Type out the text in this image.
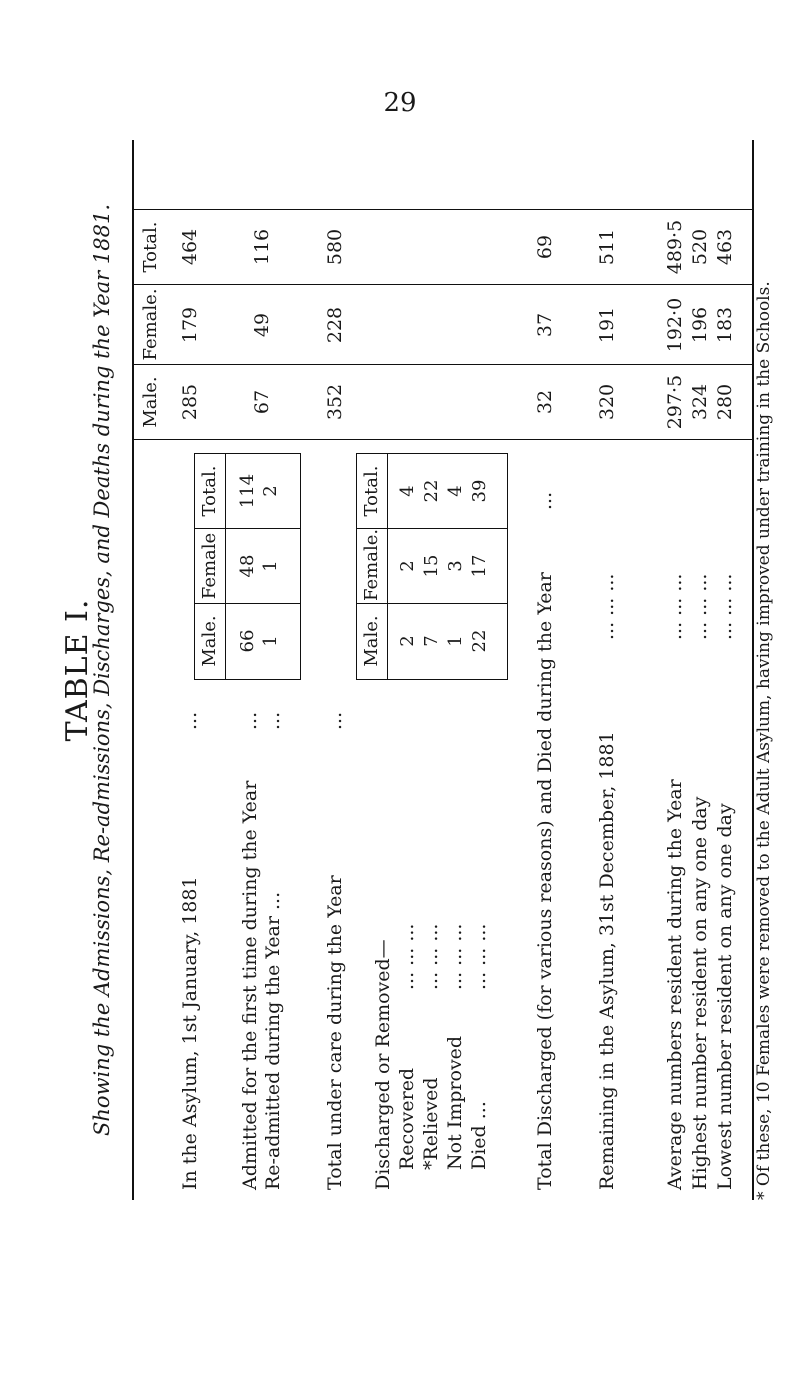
29
TABLE I.
Showing the Admissions, Re-admissions, Discharges, and Deaths during the Year 1881. Male.
Female.
Total.
In the Asylum, 1st January, 1881
...
285
179
464
Admitted for the first time during the Year
...
Re-admitted during the Year ...
...
67
49
116
Male.
Female
Total.
66
48
114
1
1
2
Total under care during the Year
...
352
228
580
Discharged or Removed— Recovered
... ... ...
*Relieved
... ... ...
Not Improved
... ... ...
Died ...
... ... ...
Male.
Female.
Total.
2
2
4
7
15
22
1
3
4
22
17
39
Total Discharged (for various reasons) and Died during the Year
...
32
37
69
Remaining in the Asylum, 31st December, 1881
... ... ...
320
191
511
Average numbers resident during the Year
... ... ...
297·5
192·0
489·5
Highest number resident on any one day
... ... ...
324
196
520
Lowest number resident on any one day
... ... ...
280
183
463
* Of these, 10 Females were removed to the Adult Asylum, having improved under training in the Schools.
